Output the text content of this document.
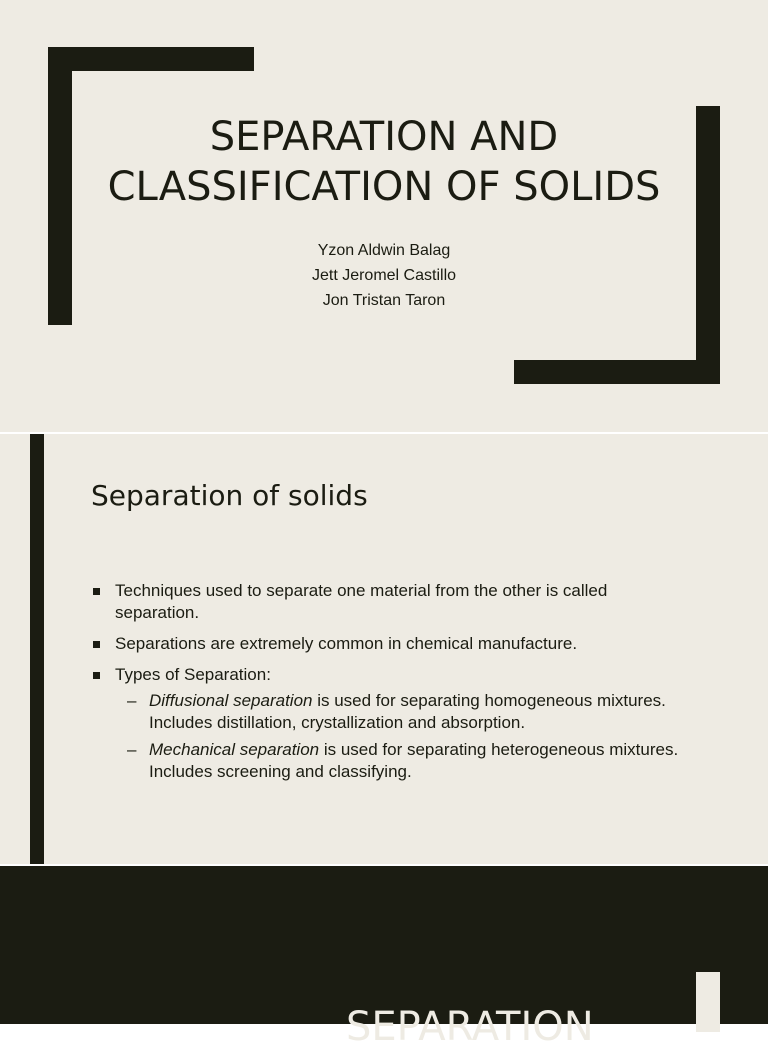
SEPARATION AND
CLASSIFICATION OF SOLIDS
Yzon Aldwin Balag
Jett Jeromel Castillo
Jon Tristan Taron
Separation of solids
Techniques used to separate one material from the other is called separation.
Separations are extremely common in chemical manufacture.
Types of Separation:
– Diffusional separation is used for separating homogeneous mixtures. Includes distillation, crystallization and absorption.
– Mechanical separation is used for separating heterogeneous mixtures. Includes screening and classifying.
SEPARATION
